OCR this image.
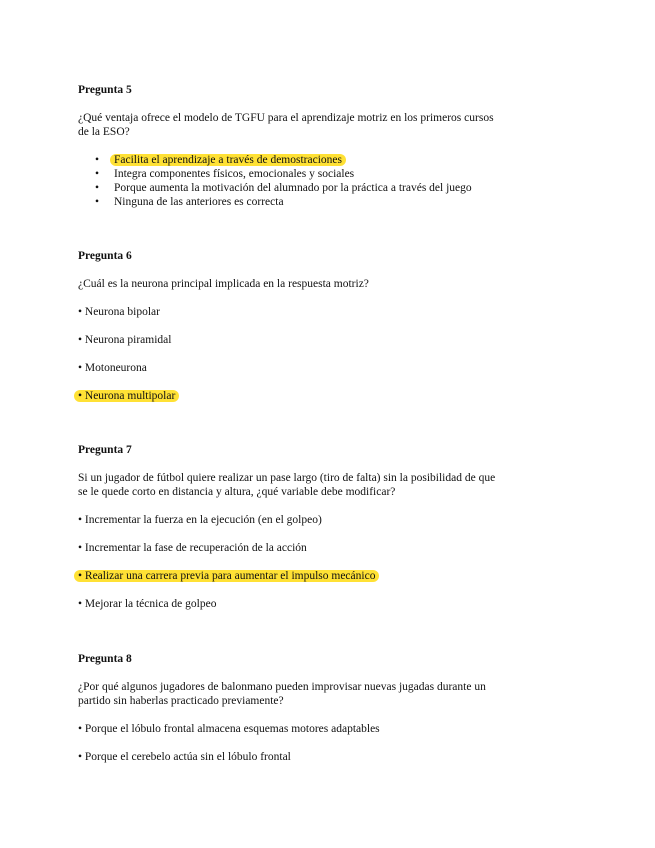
Pregunta 5

¿Qué ventaja ofrece el modelo de TGFU para el aprendizaje motriz en los primeros cursos

de la ESO?

• Facilita el aprendizaje a través de demostraciones
• Integra componentes físicos, emocionales y sociales
• Porque aumenta la motivación del alumnado por la práctica a través del juego
• Ninguna de las anteriores es correcta

Pregunta 6

¿Cuál es la neurona principal implicada en la respuesta motriz?

• Neurona bipolar

• Neurona piramidal

• Motoneurona

• Neurona multipolar

Pregunta 7

Si un jugador de fútbol quiere realizar un pase largo (tiro de falta) sin la posibilidad de que

se le quede corto en distancia y altura, ¿qué variable debe modificar?

• Incrementar la fuerza en la ejecución (en el golpeo)

• Incrementar la fase de recuperación de la acción

• Realizar una carrera previa para aumentar el impulso mecánico

• Mejorar la técnica de golpeo

Pregunta 8

¿Por qué algunos jugadores de balonmano pueden improvisar nuevas jugadas durante un

partido sin haberlas practicado previamente?

• Porque el lóbulo frontal almacena esquemas motores adaptables

• Porque el cerebelo actúa sin el lóbulo frontal
